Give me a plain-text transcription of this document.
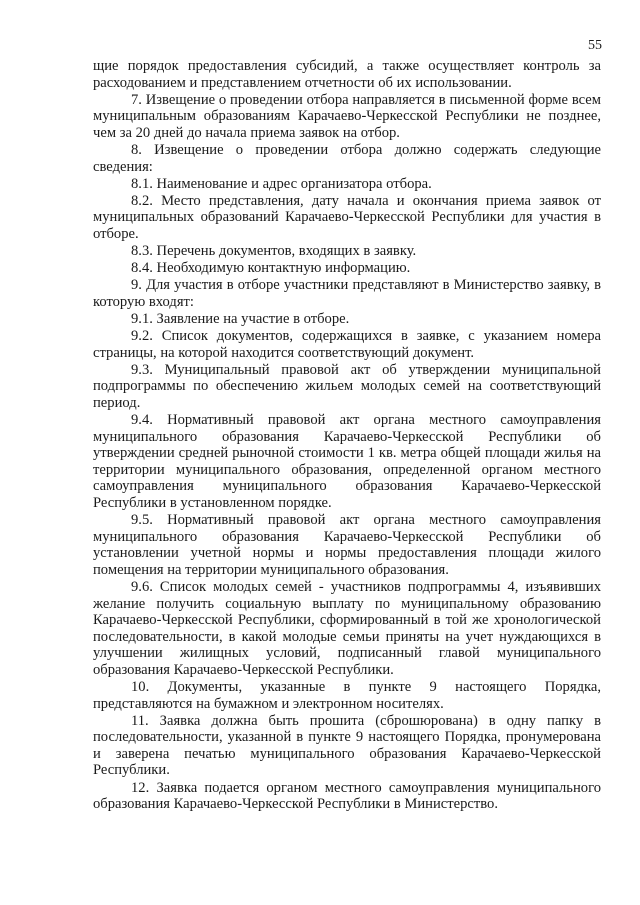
55

щие порядок предоставления субсидий, а также осуществляет контроль за расходованием и представлением отчетности об их использовании.

7. Извещение о проведении отбора направляется в письменной форме всем муниципальным образованиям Карачаево-Черкесской Республики не позднее, чем за 20 дней до начала приема заявок на отбор.

8. Извещение о проведении отбора должно содержать следующие сведения:

8.1. Наименование и адрес организатора отбора.

8.2. Место представления, дату начала и окончания приема заявок от муниципальных образований Карачаево-Черкесской Республики для участия в отборе.

8.3. Перечень документов, входящих в заявку.

8.4. Необходимую контактную информацию.

9. Для участия в отборе участники представляют в Министерство заявку, в которую входят:

9.1. Заявление на участие в отборе.

9.2. Список документов, содержащихся в заявке, с указанием номера страницы, на которой находится соответствующий документ.

9.3. Муниципальный правовой акт об утверждении муниципальной подпрограммы по обеспечению жильем молодых семей на соответствующий период.

9.4. Нормативный правовой акт органа местного самоуправления муниципального образования Карачаево-Черкесской Республики об утверждении средней рыночной стоимости 1 кв. метра общей площади жилья на территории муниципального образования, определенной органом местного самоуправления муниципального образования Карачаево-Черкесской Республики в установленном порядке.

9.5. Нормативный правовой акт органа местного самоуправления муниципального образования Карачаево-Черкесской Республики об установлении учетной нормы и нормы предоставления площади жилого помещения на территории муниципального образования.

9.6. Список молодых семей - участников подпрограммы 4, изъявивших желание получить социальную выплату по муниципальному образованию Карачаево-Черкесской Республики, сформированный в той же хронологической последовательности, в какой молодые семьи приняты на учет нуждающихся в улучшении жилищных условий, подписанный главой муниципального образования Карачаево-Черкесской Республики.

10. Документы, указанные в пункте 9 настоящего Порядка, представляются на бумажном и электронном носителях.

11. Заявка должна быть прошита (сброшюрована) в одну папку в последовательности, указанной в пункте 9 настоящего Порядка, пронумерована и заверена печатью муниципального образования Карачаево-Черкесской Республики.

12. Заявка подается органом местного самоуправления муниципального образования Карачаево-Черкесской Республики в Министерство.
